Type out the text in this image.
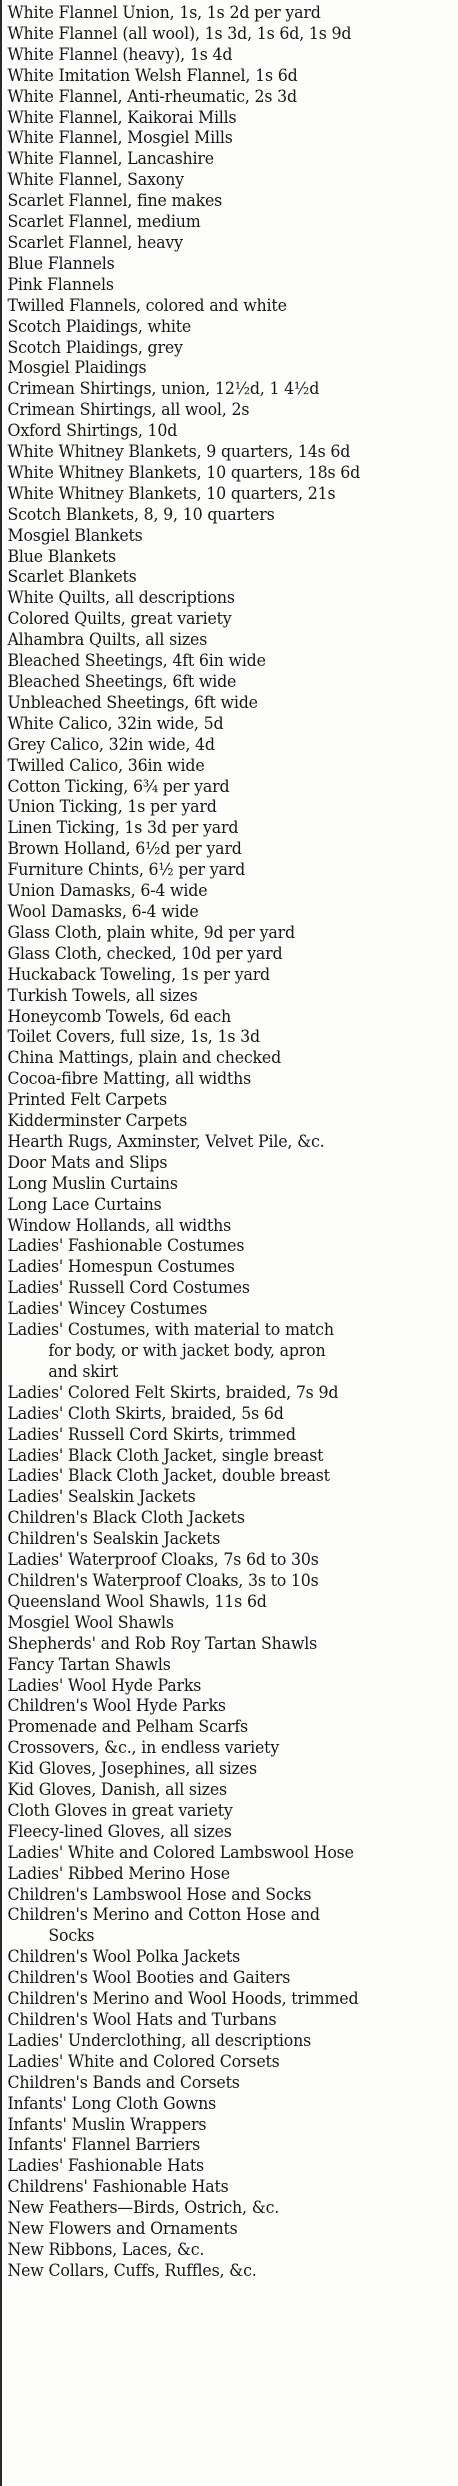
White Flannel Union, 1s, 1s 2d per yard
White Flannel (all wool), 1s 3d, 1s 6d, 1s 9d
White Flannel (heavy), 1s 4d
White Imitation Welsh Flannel, 1s 6d
White Flannel, Anti-rheumatic, 2s 3d
White Flannel, Kaikorai Mills
White Flannel, Mosgiel Mills
White Flannel, Lancashire
White Flannel, Saxony
Scarlet Flannel, fine makes
Scarlet Flannel, medium
Scarlet Flannel, heavy
Blue Flannels
Pink Flannels
Twilled Flannels, colored and white
Scotch Plaidings, white
Scotch Plaidings, grey
Mosgiel Plaidings
Crimean Shirtings, union, 12½d, 1 4½d
Crimean Shirtings, all wool, 2s
Oxford Shirtings, 10d
White Whitney Blankets, 9 quarters, 14s 6d
White Whitney Blankets, 10 quarters, 18s 6d
White Whitney Blankets, 10 quarters, 21s
Scotch Blankets, 8, 9, 10 quarters
Mosgiel Blankets
Blue Blankets
Scarlet Blankets
White Quilts, all descriptions
Colored Quilts, great variety
Alhambra Quilts, all sizes
Bleached Sheetings, 4ft 6in wide
Bleached Sheetings, 6ft wide
Unbleached Sheetings, 6ft wide
White Calico, 32in wide, 5d
Grey Calico, 32in wide, 4d
Twilled Calico, 36in wide
Cotton Ticking, 6¾ per yard
Union Ticking, 1s per yard
Linen Ticking, 1s 3d per yard
Brown Holland, 6½d per yard
Furniture Chints, 6½ per yard
Union Damasks, 6-4 wide
Wool Damasks, 6-4 wide
Glass Cloth, plain white, 9d per yard
Glass Cloth, checked, 10d per yard
Huckaback Toweling, 1s per yard
Turkish Towels, all sizes
Honeycomb Towels, 6d each
Toilet Covers, full size, 1s, 1s 3d
China Mattings, plain and checked
Cocoa-fibre Matting, all widths
Printed Felt Carpets
Kidderminster Carpets
Hearth Rugs, Axminster, Velvet Pile, &c.
Door Mats and Slips
Long Muslin Curtains
Long Lace Curtains
Window Hollands, all widths
Ladies' Fashionable Costumes
Ladies' Homespun Costumes
Ladies' Russell Cord Costumes
Ladies' Wincey Costumes
Ladies' Costumes, with material to match
for body, or with jacket body, apron
and skirt
Ladies' Colored Felt Skirts, braided, 7s 9d
Ladies' Cloth Skirts, braided, 5s 6d
Ladies' Russell Cord Skirts, trimmed
Ladies' Black Cloth Jacket, single breast
Ladies' Black Cloth Jacket, double breast
Ladies' Sealskin Jackets
Children's Black Cloth Jackets
Children's Sealskin Jackets
Ladies' Waterproof Cloaks, 7s 6d to 30s
Children's Waterproof Cloaks, 3s to 10s
Queensland Wool Shawls, 11s 6d
Mosgiel Wool Shawls
Shepherds' and Rob Roy Tartan Shawls
Fancy Tartan Shawls
Ladies' Wool Hyde Parks
Children's Wool Hyde Parks
Promenade and Pelham Scarfs
Crossovers, &c., in endless variety
Kid Gloves, Josephines, all sizes
Kid Gloves, Danish, all sizes
Cloth Gloves in great variety
Fleecy-lined Gloves, all sizes
Ladies' White and Colored Lambswool Hose
Ladies' Ribbed Merino Hose
Children's Lambswool Hose and Socks
Children's Merino and Cotton Hose and
Socks
Children's Wool Polka Jackets
Children's Wool Booties and Gaiters
Children's Merino and Wool Hoods, trimmed
Children's Wool Hats and Turbans
Ladies' Underclothing, all descriptions
Ladies' White and Colored Corsets
Children's Bands and Corsets
Infants' Long Cloth Gowns
Infants' Muslin Wrappers
Infants' Flannel Barriers
Ladies' Fashionable Hats
Childrens' Fashionable Hats
New Feathers—Birds, Ostrich, &c.
New Flowers and Ornaments
New Ribbons, Laces, &c.
New Collars, Cuffs, Ruffles, &c.
